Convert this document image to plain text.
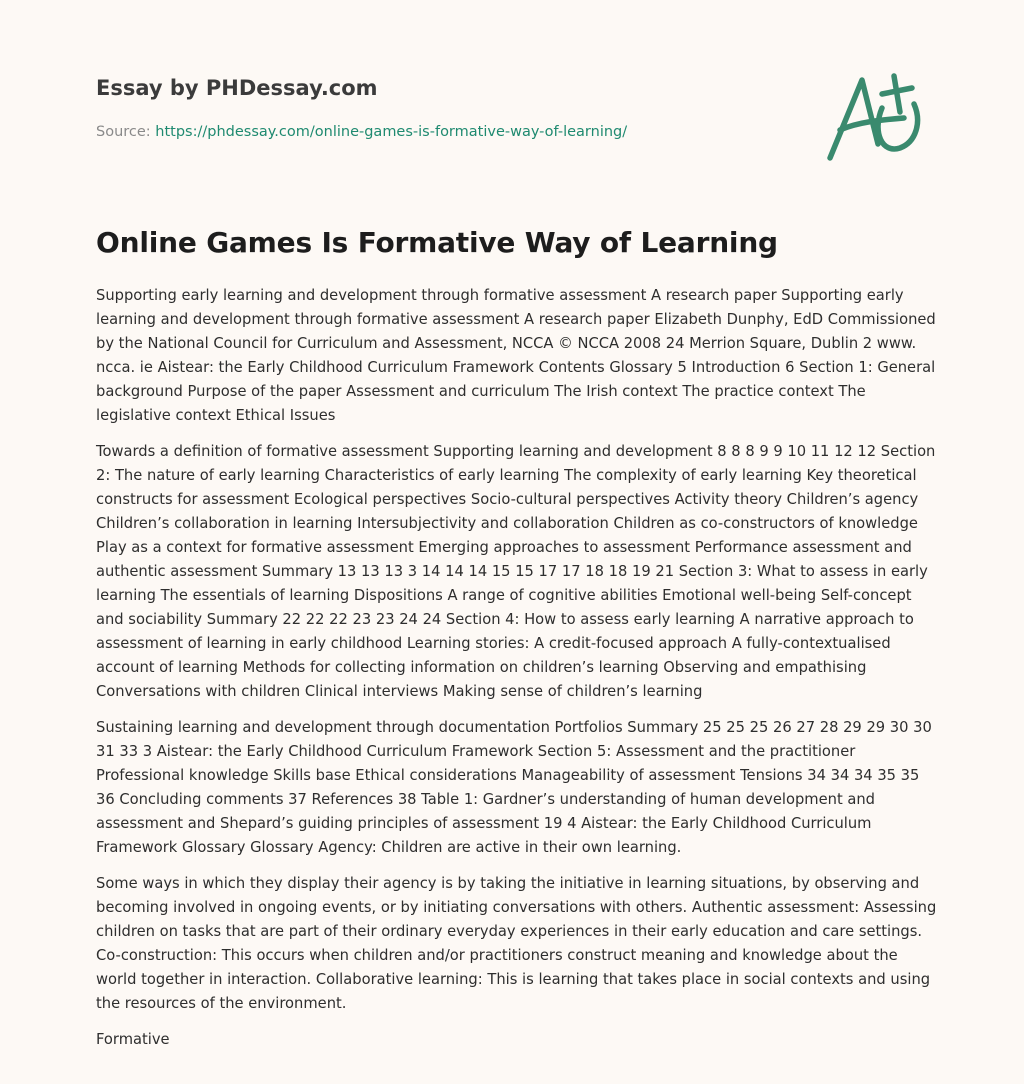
Essay by PHDessay.com
Source: https://phdessay.com/online-games-is-formative-way-of-learning/
Online Games Is Formative Way of Learning

Supporting early learning and development through formative assessment A research paper Supporting early learning and development through formative assessment A research paper Elizabeth Dunphy, EdD Commissioned by the National Council for Curriculum and Assessment, NCCA © NCCA 2008 24 Merrion Square, Dublin 2 www. ncca. ie Aistear: the Early Childhood Curriculum Framework Contents Glossary 5 Introduction 6 Section 1: General background Purpose of the paper Assessment and curriculum The Irish context The practice context The legislative context Ethical Issues

Towards a definition of formative assessment Supporting learning and development 8 8 8 9 9 10 11 12 12 Section 2: The nature of early learning Characteristics of early learning The complexity of early learning Key theoretical constructs for assessment Ecological perspectives Socio-cultural perspectives Activity theory Children’s agency Children’s collaboration in learning Intersubjectivity and collaboration Children as co-constructors of knowledge Play as a context for formative assessment Emerging approaches to assessment Performance assessment and authentic assessment Summary 13 13 13 3 14 14 14 15 15 17 17 18 18 19 21 Section 3: What to assess in early learning The essentials of learning Dispositions A range of cognitive abilities Emotional well-being Self-concept and sociability Summary 22 22 22 23 23 24 24 Section 4: How to assess early learning A narrative approach to assessment of learning in early childhood Learning stories: A credit-focused approach A fully-contextualised account of learning Methods for collecting information on children’s learning Observing and empathising Conversations with children Clinical interviews Making sense of children’s learning

Sustaining learning and development through documentation Portfolios Summary 25 25 25 26 27 28 29 29 30 30 31 33 3 Aistear: the Early Childhood Curriculum Framework Section 5: Assessment and the practitioner Professional knowledge Skills base Ethical considerations Manageability of assessment Tensions 34 34 34 35 35 36 Concluding comments 37 References 38 Table 1: Gardner’s understanding of human development and assessment and Shepard’s guiding principles of assessment 19 4 Aistear: the Early Childhood Curriculum Framework Glossary Glossary Agency: Children are active in their own learning.

Some ways in which they display their agency is by taking the initiative in learning situations, by observing and becoming involved in ongoing events, or by initiating conversations with others. Authentic assessment: Assessing children on tasks that are part of their ordinary everyday experiences in their early education and care settings. Co-construction: This occurs when children and/or practitioners construct meaning and knowledge about the world together in interaction. Collaborative learning: This is learning that takes place in social contexts and using the resources of the environment.

Formative
